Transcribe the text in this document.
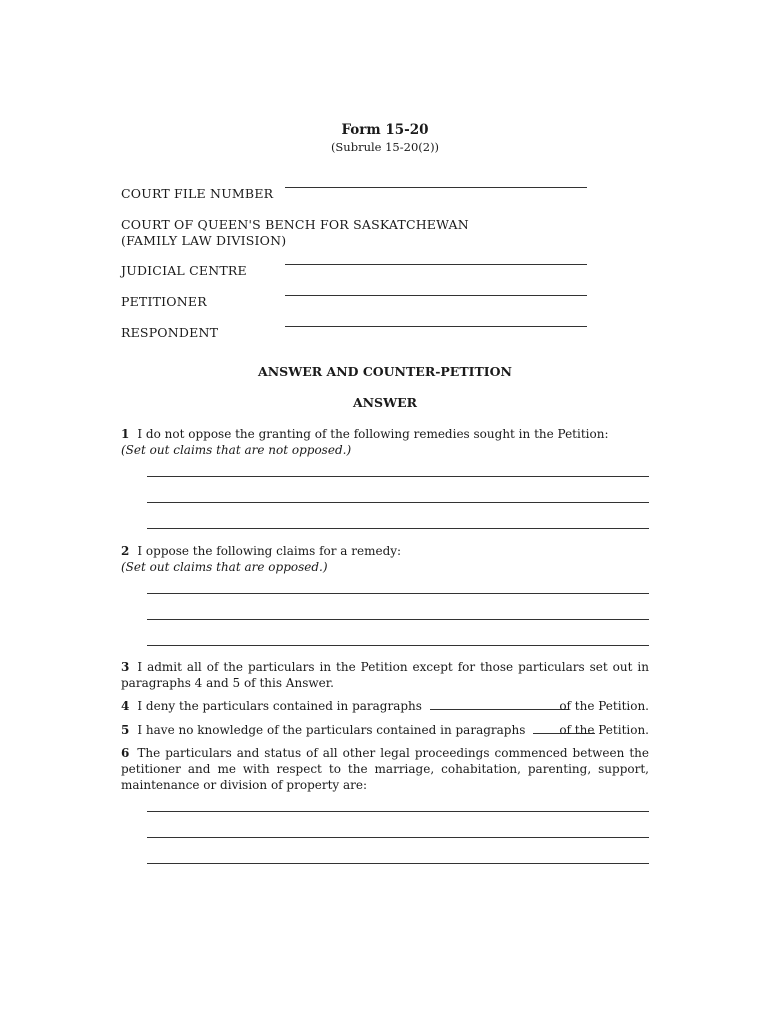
Form 15-20
(Subrule 15-20(2))
COURT FILE NUMBER
COURT OF QUEEN'S BENCH FOR SASKATCHEWAN
(FAMILY LAW DIVISION)
JUDICIAL CENTRE
PETITIONER
RESPONDENT
ANSWER AND COUNTER-PETITION
ANSWER
1 I do not oppose the granting of the following remedies sought in the Petition:
(Set out claims that are not opposed.)
2 I oppose the following claims for a remedy:
(Set out claims that are opposed.)
3 I admit all of the particulars in the Petition except for those particulars set out in paragraphs 4 and 5 of this Answer.
4 I deny the particulars contained in paragraphs	of the Petition.
5 I have no knowledge of the particulars contained in paragraphs	of the Petition.
6 The particulars and status of all other legal proceedings commenced between the petitioner and me with respect to the marriage, cohabitation, parenting, support, maintenance or division of property are:
